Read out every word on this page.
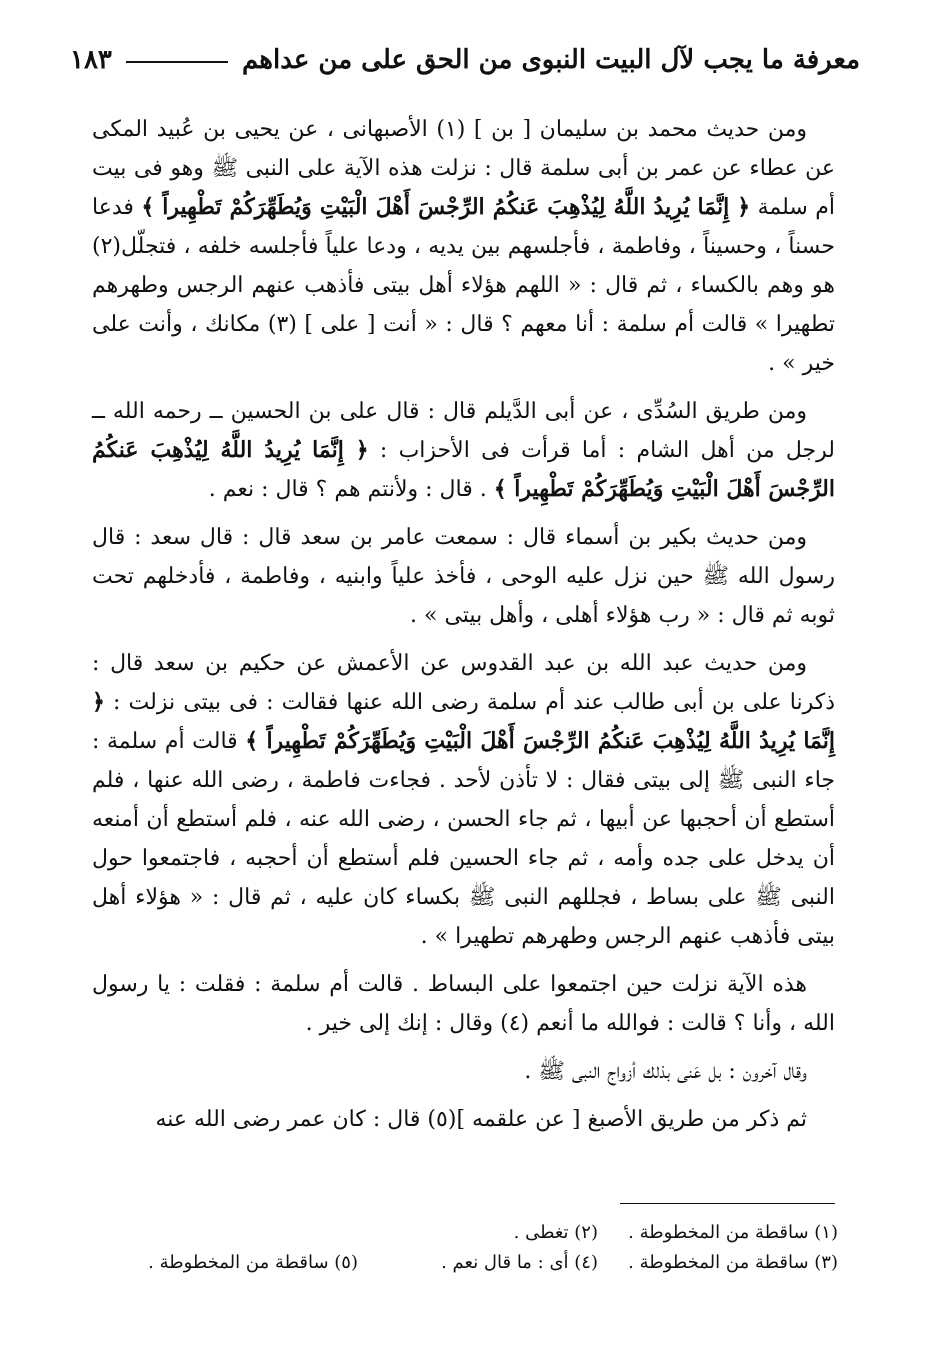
معرفة ما يجب لآل البيت النبوى من الحق على من عداهم
١٨٣

ومن حديث محمد بن سليمان [ بن ] (١) الأصبهانى ، عن يحيى بن عُبيد المكى عن عطاء عن عمر بن أبى سلمة قال : نزلت هذه الآية على النبى ﷺ وهو فى بيت أم سلمة ﴿ إِنَّمَا يُرِيدُ اللَّهُ لِيُذْهِبَ عَنكُمُ الرِّجْسَ أَهْلَ الْبَيْتِ وَيُطَهِّرَكُمْ تَطْهِيراً ﴾ فدعا حسناً ، وحسيناً ، وفاطمة ، فأجلسهم بين يديه ، ودعا علياً فأجلسه خلفه ، فتجلّل(٢) هو وهم بالكساء ، ثم قال : « اللهم هؤلاء أهل بيتى فأذهب عنهم الرجس وطهرهم تطهيرا » قالت أم سلمة : أنا معهم ؟ قال : « أنت [ على ] (٣) مكانك ، وأنت على خير » .

ومن طريق السُدِّى ، عن أبى الدَّيلم قال : قال على بن الحسين ــ رحمه الله ــ لرجل من أهل الشام : أما قرأت فى الأحزاب : ﴿ إِنَّمَا يُرِيدُ اللَّهُ لِيُذْهِبَ عَنكُمُ الرِّجْسَ أَهْلَ الْبَيْتِ وَيُطَهِّرَكُمْ تَطْهِيراً ﴾ . قال : ولأنتم هم ؟ قال : نعم .

ومن حديث بكير بن أسماء قال : سمعت عامر بن سعد قال : قال سعد : قال رسول الله ﷺ حين نزل عليه الوحى ، فأخذ علياً وابنيه ، وفاطمة ، فأدخلهم تحت ثوبه ثم قال : « رب هؤلاء أهلى ، وأهل بيتى » .

ومن حديث عبد الله بن عبد القدوس عن الأعمش عن حكيم بن سعد قال : ذكرنا على بن أبى طالب عند أم سلمة رضى الله عنها فقالت : فى بيتى نزلت : ﴿ إِنَّمَا يُرِيدُ اللَّهُ لِيُذْهِبَ عَنكُمُ الرِّجْسَ أَهْلَ الْبَيْتِ وَيُطَهِّرَكُمْ تَطْهِيراً ﴾ قالت أم سلمة : جاء النبى ﷺ إلى بيتى فقال : لا تأذن لأحد . فجاءت فاطمة ، رضى الله عنها ، فلم أستطع أن أحجبها عن أبيها ، ثم جاء الحسن ، رضى الله عنه ، فلم أستطع أن أمنعه أن يدخل على جده وأمه ، ثم جاء الحسين فلم أستطع أن أحجبه ، فاجتمعوا حول النبى ﷺ على بساط ، فجللهم النبى ﷺ بكساء كان عليه ، ثم قال : « هؤلاء أهل بيتى فأذهب عنهم الرجس وطهرهم تطهيرا » .

هذه الآية نزلت حين اجتمعوا على البساط . قالت أم سلمة : فقلت : يا رسول الله ، وأنا ؟ قالت : فوالله ما أنعم (٤) وقال : إنك إلى خير .

وقال آخرون : بل عَنى بذلك أزواج النبى ﷺ .

ثم ذكر من طريق الأصبغ [ عن علقمه ](٥) قال : كان عمر رضى الله عنه

(١) ساقطة من المخطوطة .
(٢) تغطى .
(٣) ساقطة من المخطوطة .
(٤) أى : ما قال نعم .
(٥) ساقطة من المخطوطة .
